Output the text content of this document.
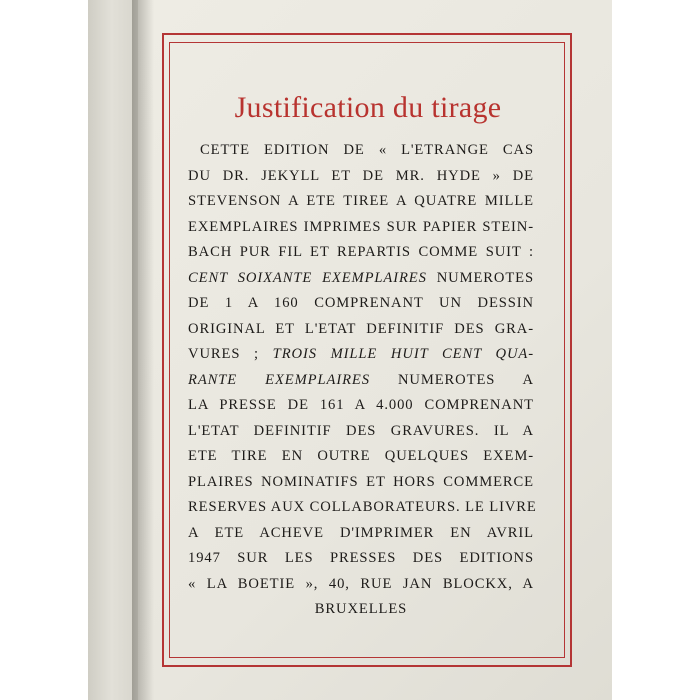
Justification du tirage
CETTE EDITION DE « L'ETRANGE CAS
DU DR. JEKYLL ET DE MR. HYDE » DE
STEVENSON A ETE TIREE A QUATRE MILLE
EXEMPLAIRES IMPRIMES SUR PAPIER STEIN-
BACH PUR FIL ET REPARTIS COMME SUIT :
CENT SOIXANTE EXEMPLAIRES NUMEROTES
DE 1 A 160 COMPRENANT UN DESSIN
ORIGINAL ET L'ETAT DEFINITIF DES GRA-
VURES ; TROIS MILLE HUIT CENT QUA-
RANTE EXEMPLAIRES NUMEROTES A
LA PRESSE DE 161 A 4.000 COMPRENANT
L'ETAT DEFINITIF DES GRAVURES. IL A
ETE TIRE EN OUTRE QUELQUES EXEM-
PLAIRES NOMINATIFS ET HORS COMMERCE
RESERVES AUX COLLABORATEURS. LE LIVRE
A ETE ACHEVE D'IMPRIMER EN AVRIL
1947 SUR LES PRESSES DES EDITIONS
« LA BOETIE », 40, RUE JAN BLOCKX, A
BRUXELLES
